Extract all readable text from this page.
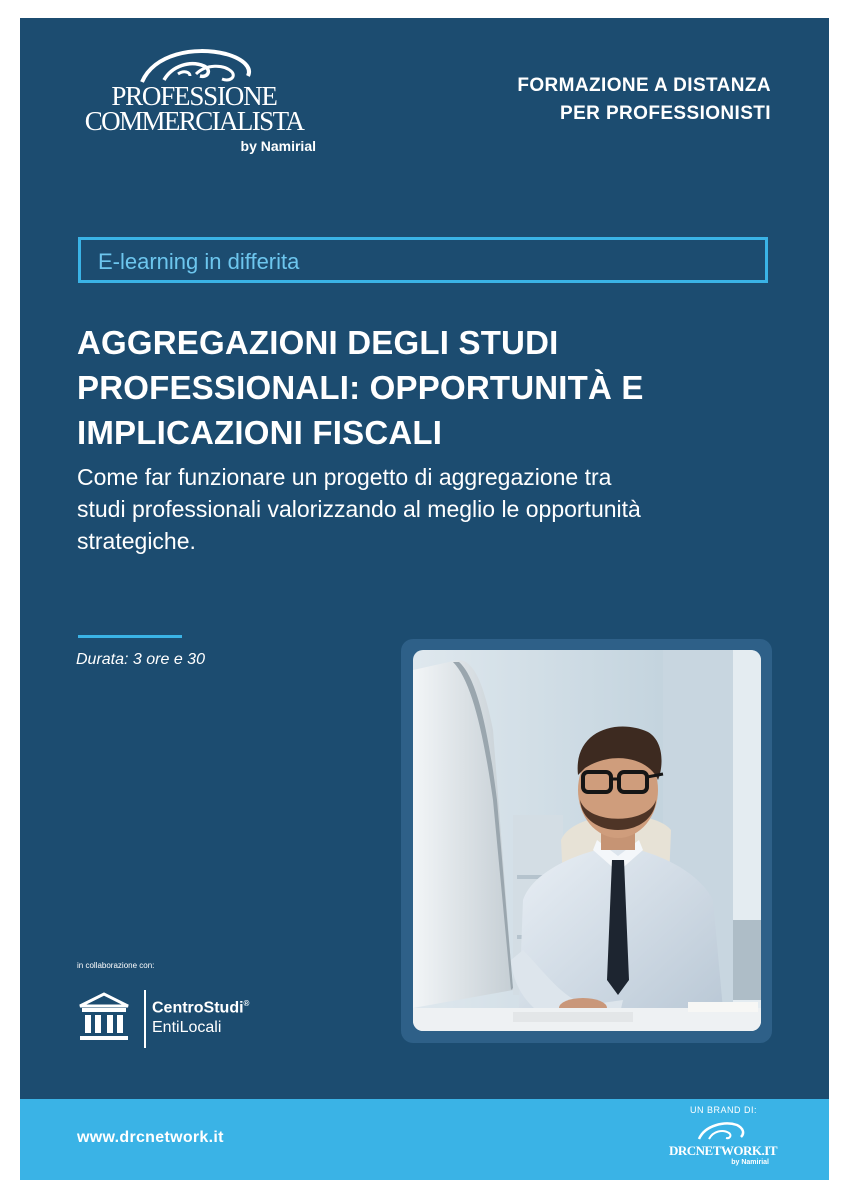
PROFESSIONE
COMMERCIALISTA
by Namirial
FORMAZIONE A DISTANZA
PER PROFESSIONISTI
E-learning in differita
AGGREGAZIONI DEGLI STUDI
PROFESSIONALI: OPPORTUNITÀ E
IMPLICAZIONI FISCALI
Come far funzionare un progetto di aggregazione tra
studi professionali valorizzando al meglio le opportunità
strategiche.
Durata: 3 ore e 30
in collaborazione con:
CentroStudi®
EntiLocali
www.drcnetwork.it
UN BRAND DI:
DRCNETWORK.IT
by Namirial
